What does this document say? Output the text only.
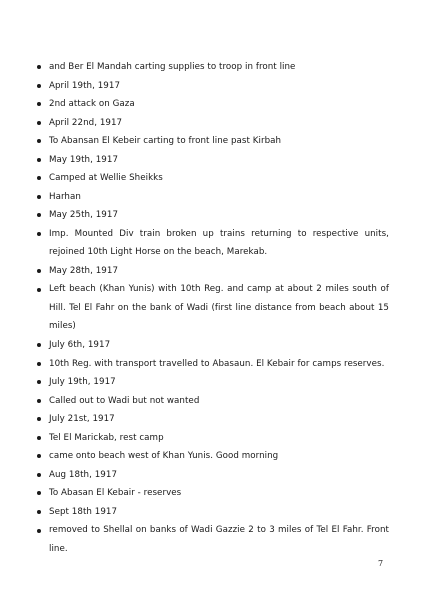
and Ber El Mandah carting supplies to troop in front line
April 19th, 1917
2nd attack on Gaza
April 22nd, 1917
To Abansan El Kebeir carting to front line past Kirbah
May 19th, 1917
Camped at Wellie Sheikks
Harhan
May 25th, 1917
Imp. Mounted Div train broken up trains returning to respective units, rejoined 10th Light Horse on the beach, Marekab.
May 28th, 1917
Left beach (Khan Yunis) with 10th Reg. and camp at about 2 miles south of Hill. Tel El Fahr on the bank of Wadi (first line distance from beach about 15 miles)
July 6th, 1917
10th Reg. with transport travelled to Abasaun. El Kebair for camps reserves.
July 19th, 1917
Called out to Wadi but not wanted
July 21st, 1917
Tel El Marickab, rest camp
came onto beach west of Khan Yunis. Good morning
Aug 18th, 1917
To Abasan El Kebair - reserves
Sept 18th 1917
removed to Shellal on banks of Wadi Gazzie 2 to 3 miles of Tel El Fahr. Front line.
7
